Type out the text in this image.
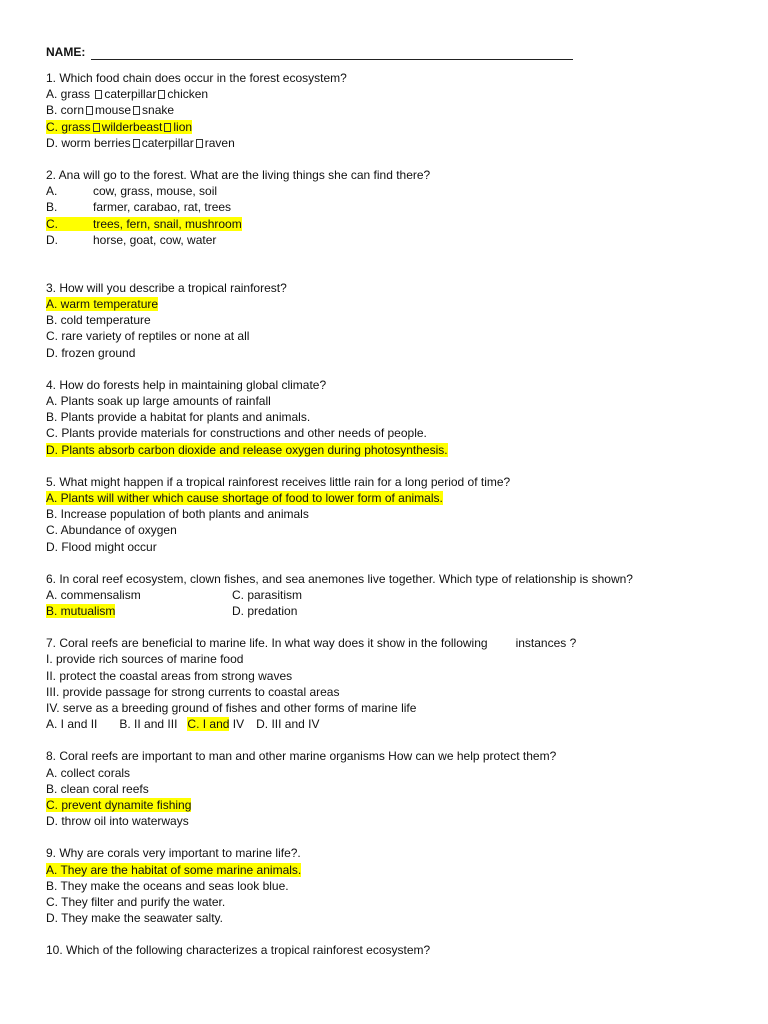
NAME:
1. Which food chain does occur in the forest ecosystem?
A. grass caterpillar chicken
B. corn mouse snake
C. grass wilderbeast lion
D. worm berries caterpillar raven
2. Ana will go to the forest. What are the living things she can find there?
A.	cow, grass, mouse, soil
B.	farmer, carabao, rat, trees
C.	trees, fern, snail, mushroom
D.	horse, goat, cow, water
3. How will you describe a tropical rainforest?
A. warm temperature
B. cold temperature
C. rare variety of reptiles or none at all
D. frozen ground
4. How do forests help in maintaining global climate?
A. Plants soak up large amounts of rainfall
B. Plants provide a habitat for plants and animals.
C. Plants provide materials for constructions and other needs of people.
D. Plants absorb carbon dioxide and release oxygen during photosynthesis.
5. What might happen if a tropical rainforest receives little rain for a long period of time?
A. Plants will wither which cause shortage of food to lower form of animals.
B. Increase population of both plants and animals
C. Abundance of oxygen
D. Flood might occur
6. In coral reef ecosystem, clown fishes, and sea anemones live together. Which type of relationship is shown?
A. commensalism	C. parasitism
B. mutualism	D. predation
7. Coral reefs are beneficial to marine life. In what way does it show in the following instances ?
I. provide rich sources of marine food
II. protect the coastal areas from strong waves
III. provide passage for strong currents to coastal areas
IV. serve as a breeding ground of fishes and other forms of marine life
A. I and II B. II and III C. I and IV D. III and IV
8. Coral reefs are important to man and other marine organisms How can we help protect them?
A. collect corals
B. clean coral reefs
C. prevent dynamite fishing
D. throw oil into waterways
9. Why are corals very important to marine life?.
A. They are the habitat of some marine animals.
B. They make the oceans and seas look blue.
C. They filter and purify the water.
D. They make the seawater salty.
10. Which of the following characterizes a tropical rainforest ecosystem?
